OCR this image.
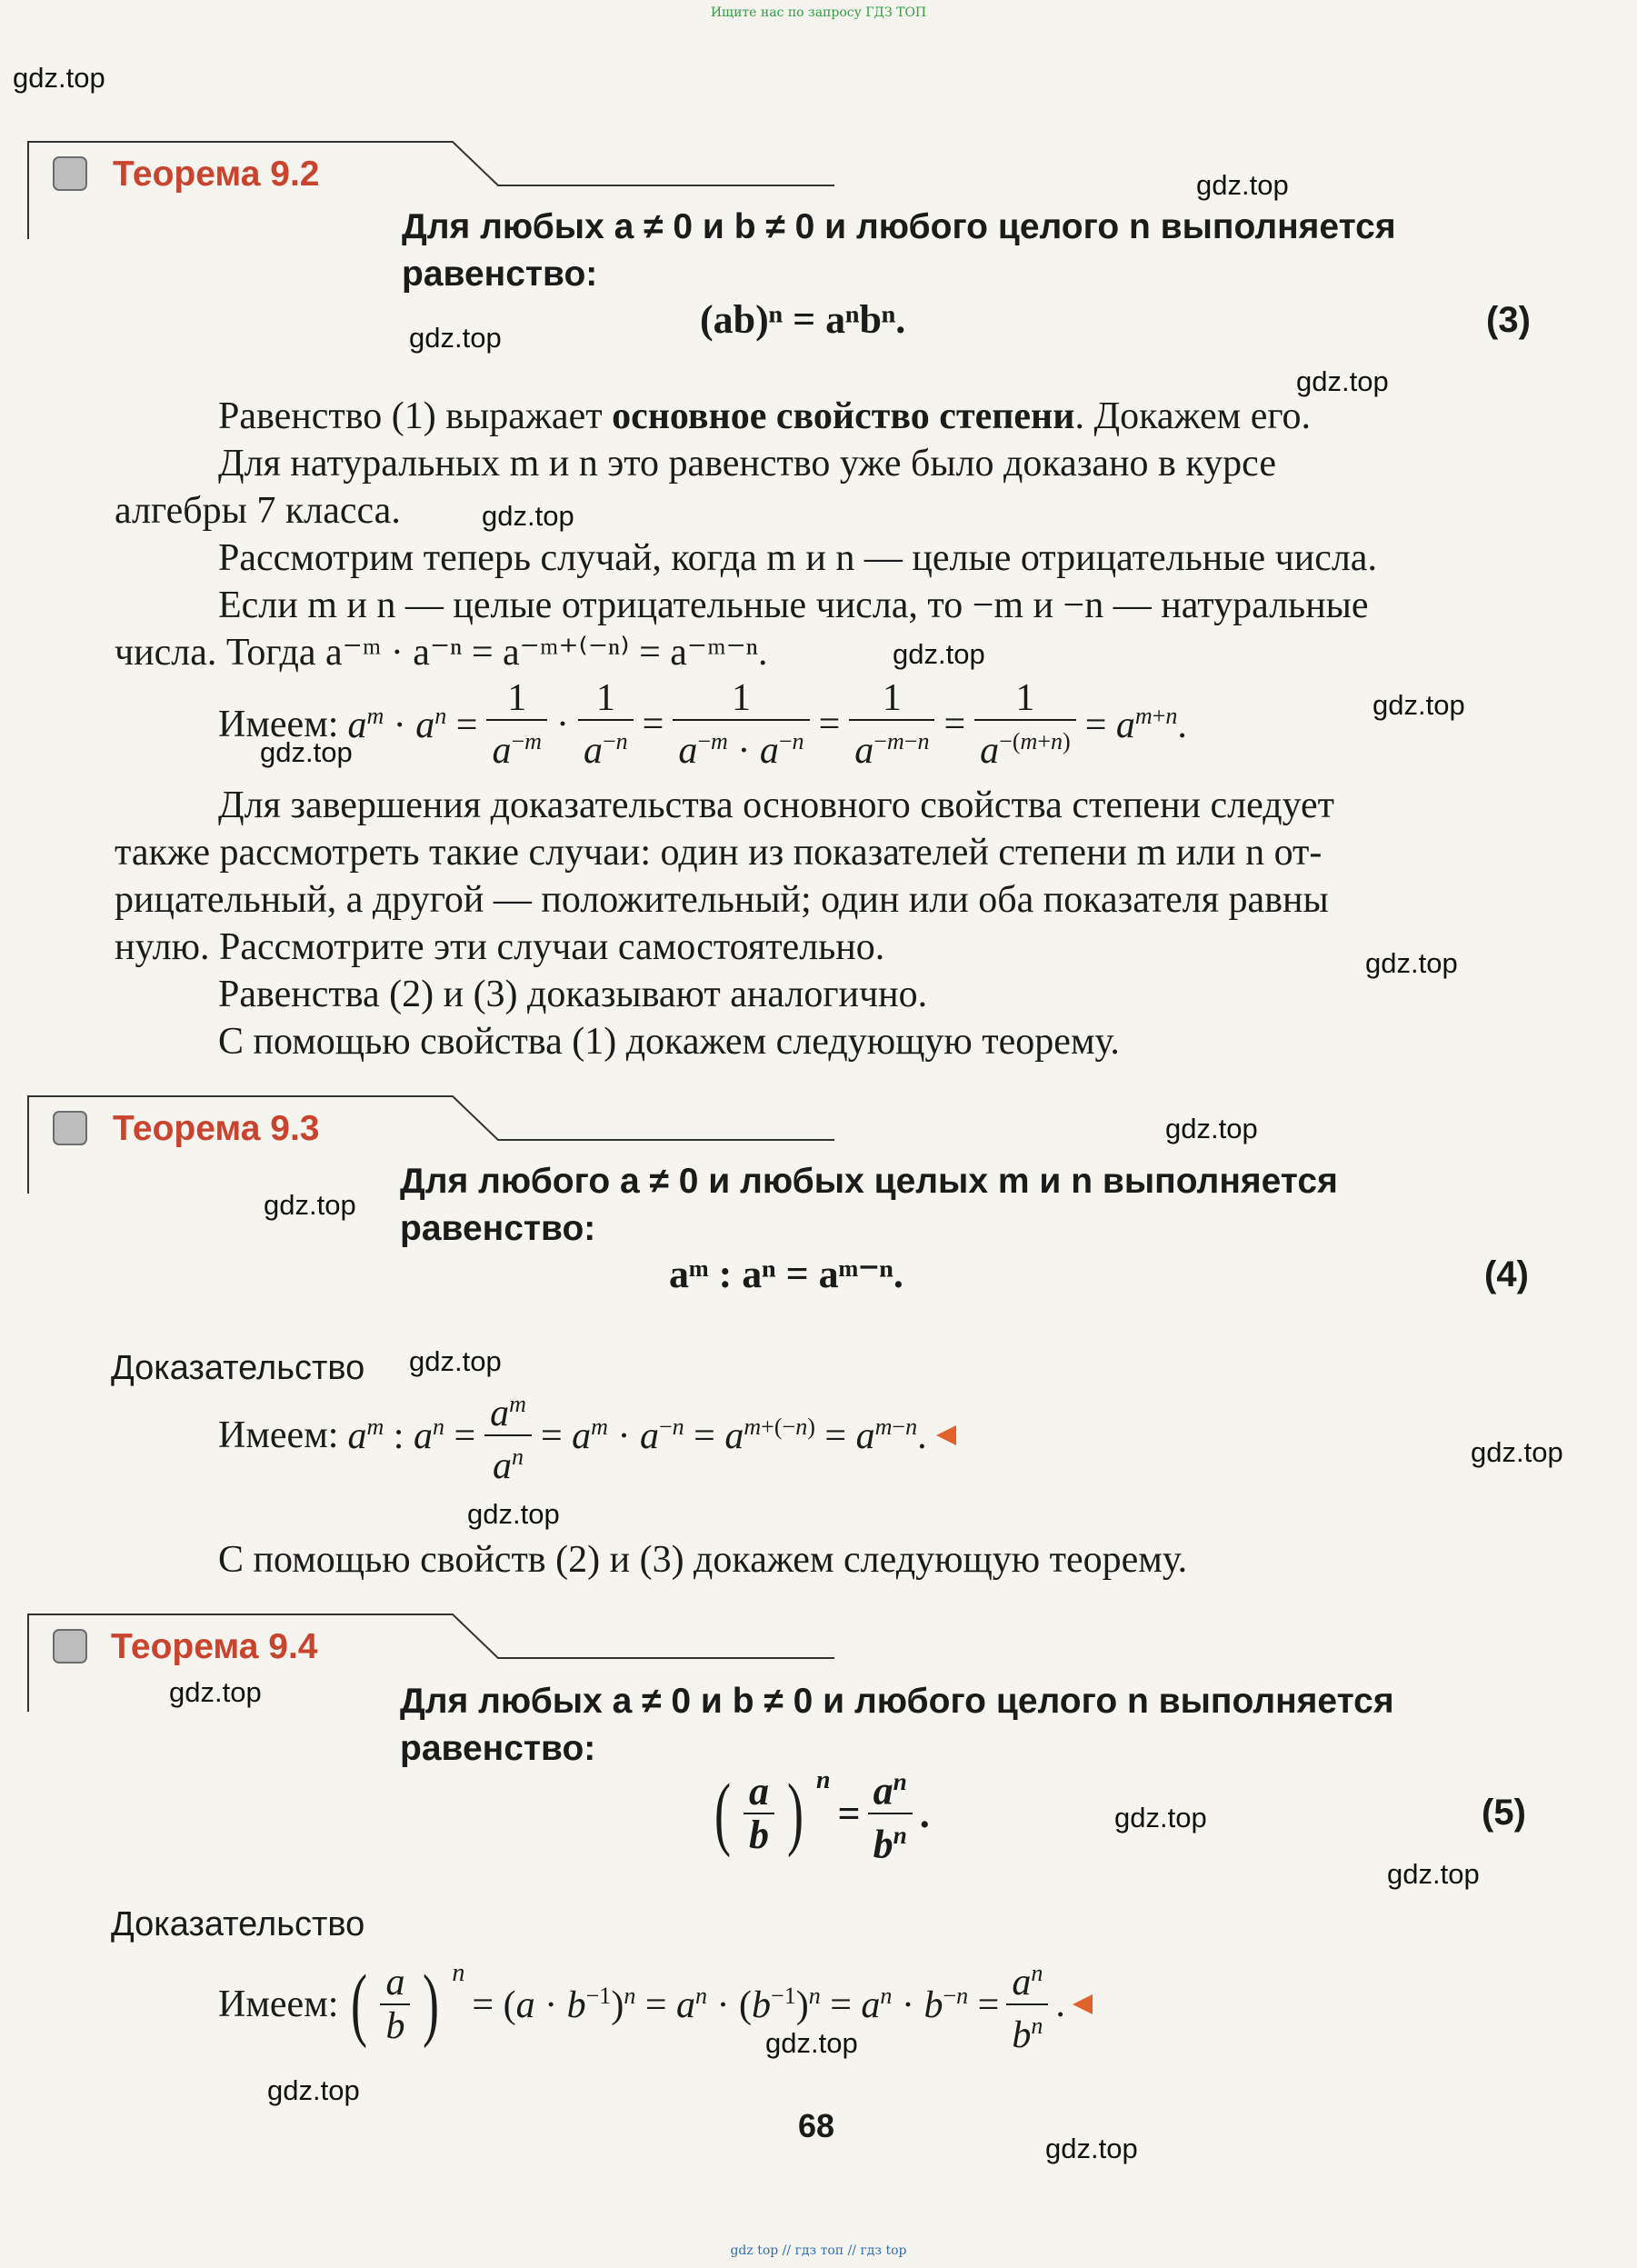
Ищите нас по запросу ГДЗ ТОП
Теорема 9.2
Для любых a ≠ 0 и b ≠ 0 и любого целого n выполняется
равенство:
(ab)ⁿ = aⁿbⁿ.	(3)
Равенство (1) выражает основное свойство степени. Докажем его.
Для натуральных m и n это равенство уже было доказано в курсе
алгебры 7 класса.
Рассмотрим теперь случай, когда m и n — целые отрицательные числа.
Если m и n — целые отрицательные числа, то −m и −n — натуральные
числа. Тогда a⁻ᵐ · a⁻ⁿ = a⁻ᵐ⁺⁽⁻ⁿ⁾ = a⁻ᵐ⁻ⁿ.
Имеем: $a^m \cdot a^n = \frac{1}{a^{-m}} \cdot \frac{1}{a^{-n}} = \frac{1}{a^{-m} \cdot a^{-n}} = \frac{1}{a^{-m-n}} = \frac{1}{a^{-(m+n)}} = a^{m+n}$.
Для завершения доказательства основного свойства степени следует
также рассмотреть такие случаи: один из показателей степени m или n от-
рицательный, а другой — положительный; один или оба показателя равны
нулю. Рассмотрите эти случаи самостоятельно.
Равенства (2) и (3) доказывают аналогично.
С помощью свойства (1) докажем следующую теорему.
Теорема 9.3
Для любого a ≠ 0 и любых целых m и n выполняется
равенство:
aᵐ : aⁿ = aᵐ⁻ⁿ.	(4)
Доказательство
Имеем: $a^m$ : $a^n = \frac{a^m}{a^n} = a^m \cdot a^{-n} = a^{m+(-n)} = a^{m-n}$.
С помощью свойств (2) и (3) докажем следующую теорему.
Теорема 9.4
Для любых a ≠ 0 и b ≠ 0 и любого целого n выполняется
равенство:
( $\frac{a}{b}$ ) n
= $\frac{a^n}{b^n}$ .	(5)
Доказательство
Имеем: ( $\frac{a}{b}$ ) n
= $(a \cdot b^{-1})^n = a^n \cdot (b^{-1})^n = a^n \cdot b^{-n} = \frac{a^n}{b^n}$ .
68
gdz.top
gdz.top
gdz.top
gdz.top
gdz.top
gdz.top
gdz.top
gdz.top
gdz.top
gdz.top
gdz.top
gdz.top
gdz.top
gdz.top
gdz.top
gdz.top
gdz.top
gdz.top
gdz.top
gdz.top
gdz top // гдз топ // гдз top
